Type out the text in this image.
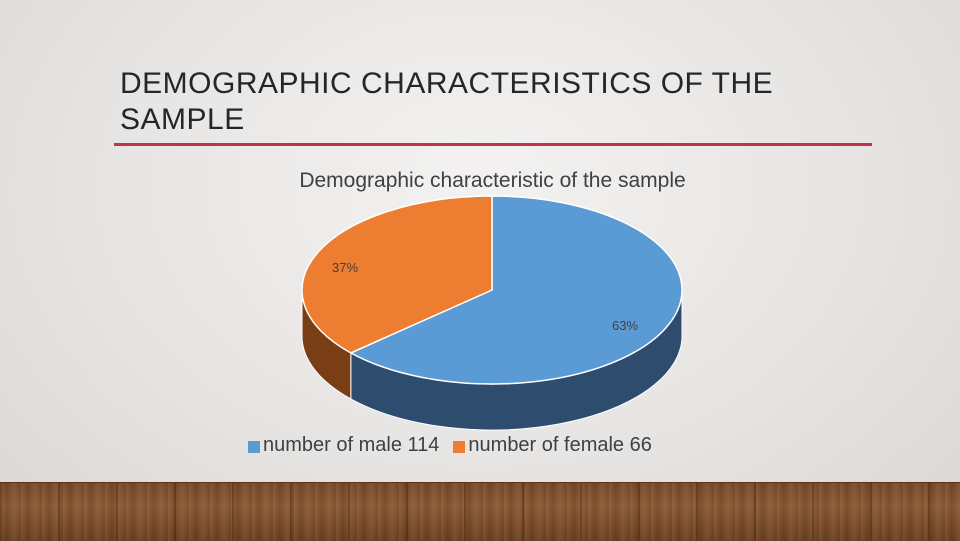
DEMOGRAPHIC CHARACTERISTICS OF THE SAMPLE
Demographic characteristic of the sample
63%
37%
number of male 114 number of female 66
